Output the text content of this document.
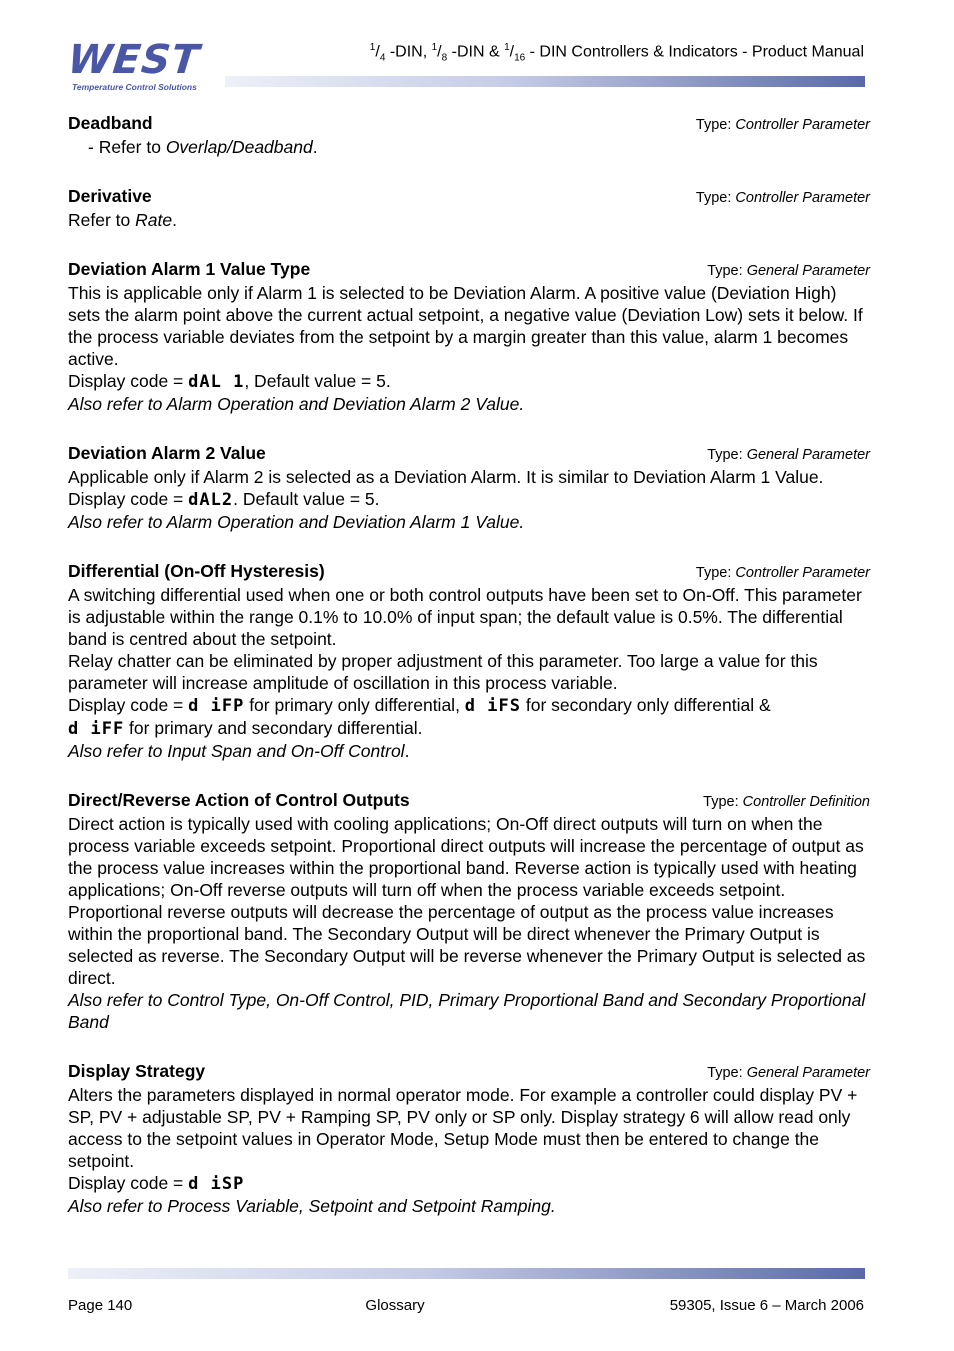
WEST
Temperature Control Solutions
$^1/_4$ -DIN, $^1/_8$ -DIN & $^1/_{16}$ - DIN Controllers & Indicators - Product Manual
Deadband	Type: Controller Parameter

- Refer to Overlap/Deadband.

Derivative	Type: Controller Parameter

Refer to Rate.

Deviation Alarm 1 Value Type	Type: General Parameter

This is applicable only if Alarm 1 is selected to be Deviation Alarm. A positive value (Deviation High) sets the alarm point above the current actual setpoint, a negative value (Deviation Low) sets it below. If the process variable deviates from the setpoint by a margin greater than this value, alarm 1 becomes active.

Display code = dAL 1, Default value = 5.

Also refer to Alarm Operation and Deviation Alarm 2 Value.

Deviation Alarm 2 Value	Type: General Parameter

Applicable only if Alarm 2 is selected as a Deviation Alarm. It is similar to Deviation Alarm 1 Value.

Display code = dAL2. Default value = 5.

Also refer to Alarm Operation and Deviation Alarm 1 Value.

Differential (On-Off Hysteresis)	Type: Controller Parameter

A switching differential used when one or both control outputs have been set to On-Off. This parameter is adjustable within the range 0.1% to 10.0% of input span; the default value is 0.5%. The differential band is centred about the setpoint.

Relay chatter can be eliminated by proper adjustment of this parameter. Too large a value for this parameter will increase amplitude of oscillation in this process variable.

Display code = d iFP for primary only differential, d iFS for secondary only differential &

d iFF for primary and secondary differential.

Also refer to Input Span and On-Off Control.

Direct/Reverse Action of Control Outputs	Type: Controller Definition

Direct action is typically used with cooling applications; On-Off direct outputs will turn on when the process variable exceeds setpoint. Proportional direct outputs will increase the percentage of output as the process value increases within the proportional band. Reverse action is typically used with heating applications; On-Off reverse outputs will turn off when the process variable exceeds setpoint. Proportional reverse outputs will decrease the percentage of output as the process value increases within the proportional band. The Secondary Output will be direct whenever the Primary Output is selected as reverse. The Secondary Output will be reverse whenever the Primary Output is selected as direct.

Also refer to Control Type, On-Off Control, PID, Primary Proportional Band and Secondary Proportional Band

Display Strategy	Type: General Parameter

Alters the parameters displayed in normal operator mode. For example a controller could display PV + SP, PV + adjustable SP, PV + Ramping SP, PV only or SP only. Display strategy 6 will allow read only access to the setpoint values in Operator Mode, Setup Mode must then be entered to change the setpoint.

Display code = d iSP

Also refer to Process Variable, Setpoint and Setpoint Ramping.

Page 140	Glossary	59305, Issue 6 – March 2006
